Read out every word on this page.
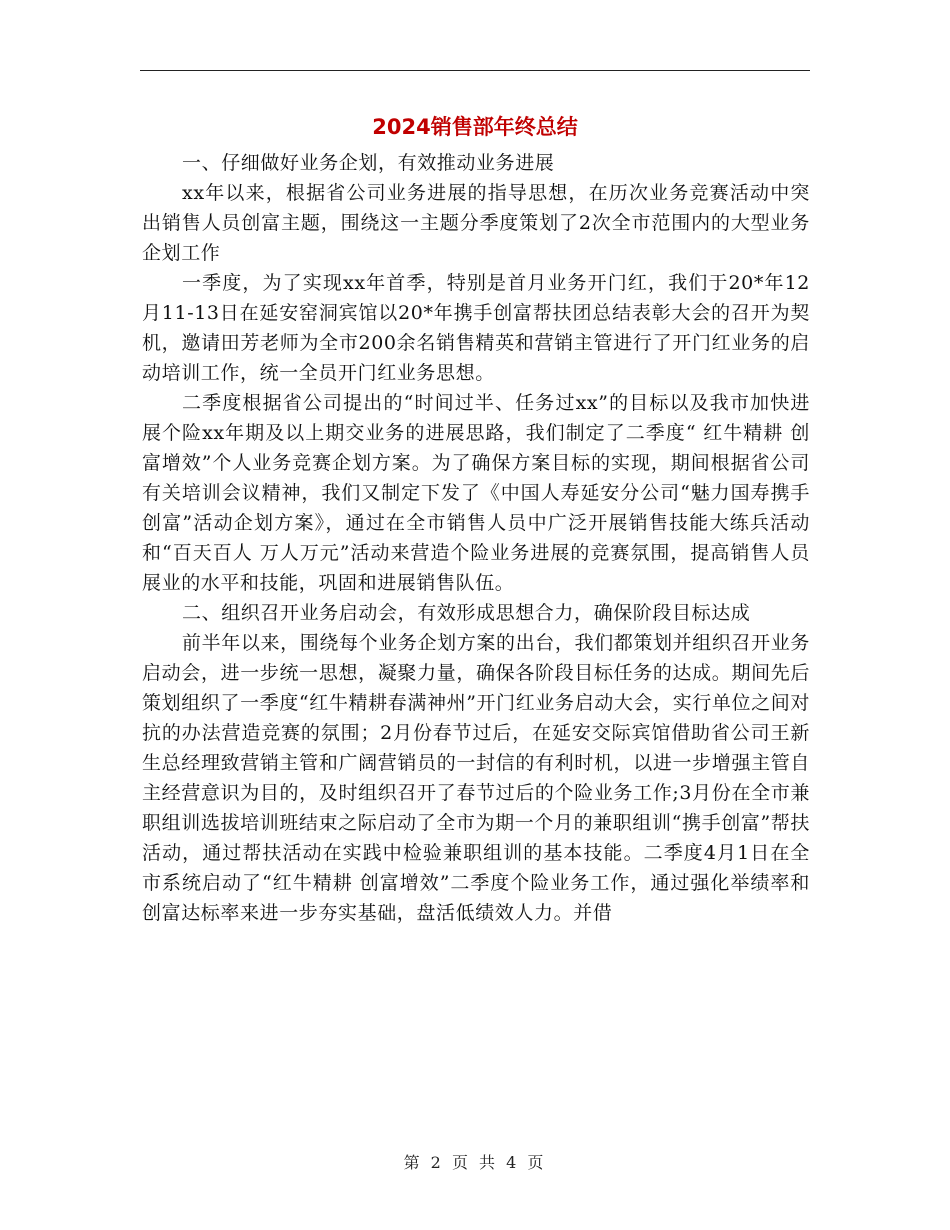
2024销售部年终总结

一、仔细做好业务企划，有效推动业务进展

xx年以来，根据省公司业务进展的指导思想，在历次业务竞赛活动中突出销售人员创富主题，围绕这一主题分季度策划了2次全市范围内的大型业务企划工作

一季度，为了实现xx年首季，特别是首月业务开门红，我们于20*年12月11-13日在延安窑洞宾馆以20*年携手创富帮扶团总结表彰大会的召开为契机，邀请田芳老师为全市200余名销售精英和营销主管进行了开门红业务的启动培训工作，统一全员开门红业务思想。

二季度根据省公司提出的“时间过半、任务过xx”的目标以及我市加快进展个险xx年期及以上期交业务的进展思路，我们制定了二季度“ 红牛精耕 创富增效”个人业务竞赛企划方案。为了确保方案目标的实现，期间根据省公司有关培训会议精神，我们又制定下发了《中国人寿延安分公司“魅力国寿携手创富”活动企划方案》，通过在全市销售人员中广泛开展销售技能大练兵活动和“百天百人 万人万元”活动来营造个险业务进展的竞赛氛围，提高销售人员展业的水平和技能，巩固和进展销售队伍。

二、组织召开业务启动会，有效形成思想合力，确保阶段目标达成

前半年以来，围绕每个业务企划方案的出台，我们都策划并组织召开业务启动会，进一步统一思想，凝聚力量，确保各阶段目标任务的达成。期间先后策划组织了一季度“红牛精耕春满神州”开门红业务启动大会，实行单位之间对抗的办法营造竞赛的氛围；2月份春节过后，在延安交际宾馆借助省公司王新生总经理致营销主管和广阔营销员的一封信的有利时机，以进一步增强主管自主经营意识为目的，及时组织召开了春节过后的个险业务工作;3月份在全市兼职组训选拔培训班结束之际启动了全市为期一个月的兼职组训“携手创富”帮扶活动，通过帮扶活动在实践中检验兼职组训的基本技能。二季度4月1日在全市系统启动了“红牛精耕 创富增效”二季度个险业务工作，通过强化举绩率和创富达标率来进一步夯实基础，盘活低绩效人力。并借

第 2 页 共 4 页
